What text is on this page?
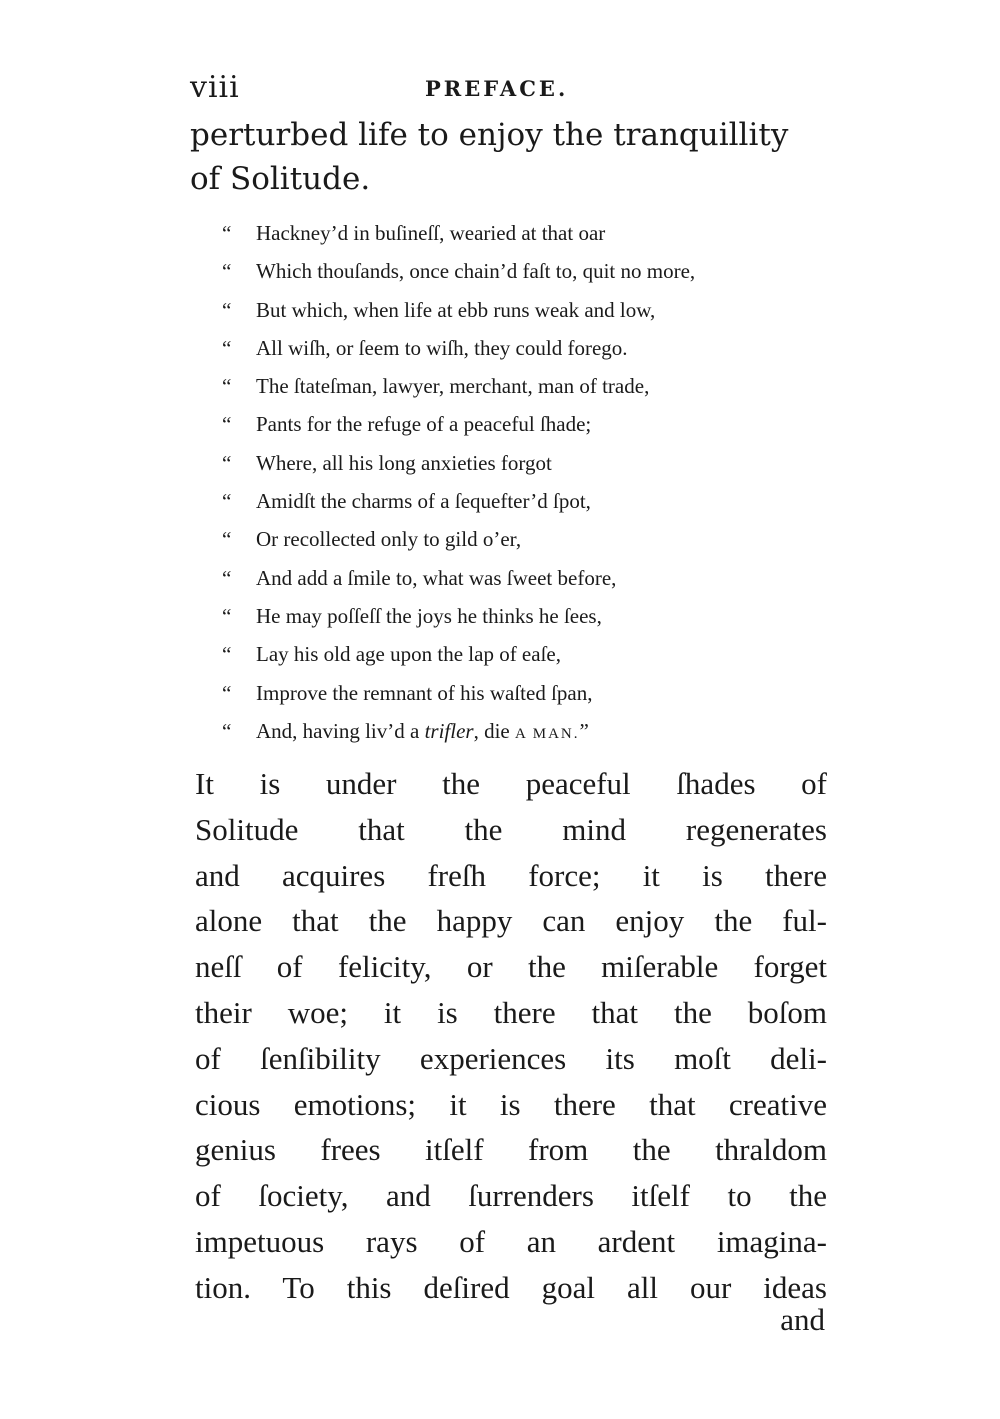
viii	PREFACE.
perturbed life to enjoy the tranquillity
of Solitude.
“ Hackney’d in buſineſſ, wearied at that oar
“ Which thouſands, once chain’d faſt to, quit no more,
“ But which, when life at ebb runs weak and low,
“ All wiſh, or ſeem to wiſh, they could forego.
“ The ſtateſman, lawyer, merchant, man of trade,
“ Pants for the refuge of a peaceful ſhade;
“ Where, all his long anxieties forgot
“ Amidſt the charms of a ſequefter’d ſpot,
“ Or recollected only to gild o’er,
“ And add a ſmile to, what was ſweet before,
“ He may poſſeſſ the joys he thinks he ſees,
“ Lay his old age upon the lap of eaſe,
“ Improve the remnant of his waſted ſpan,
“ And, having liv’d a trifler, die A MAN.”
It is under the peaceful ſhades of
Solitude that the mind regenerates
and acquires freſh force; it is there
alone that the happy can enjoy the ful-
neſſ of felicity, or the miſerable forget
their woe; it is there that the boſom
of ſenſibility experiences its moſt deli-
cious emotions; it is there that creative
genius frees itſelf from the thraldom
of ſociety, and ſurrenders itſelf to the
impetuous rays of an ardent imagina-
tion. To this deſired goal all our ideas
and
